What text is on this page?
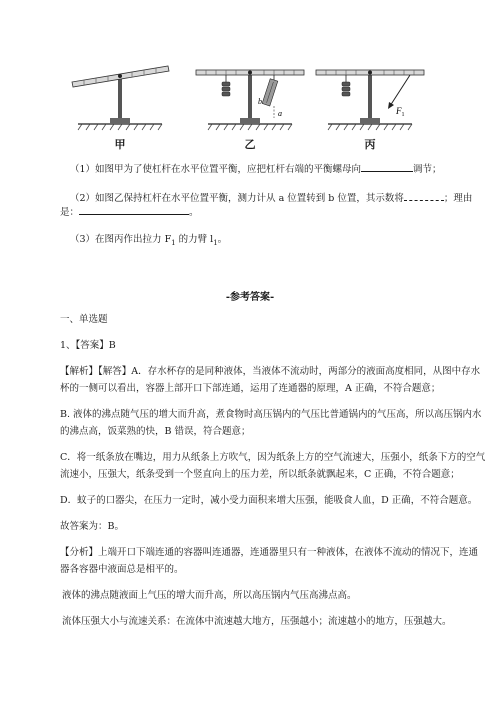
甲
a
b
乙
$F_1$
丙
（1）如图甲为了使杠杆在水平位置平衡，应把杠杆右端的平衡螺母向	调节；
（2）如图乙保持杠杆在水平位置平衡，测力计从 a 位置转到 b 位置，其示数将	；理由
是：	。
（3）在图丙作出拉力 $F_1$ 的力臂 $l_1$。
-参考答案-
一、单选题
1、【答案】B
【解析】【解答】A．存水杯存的是同种液体，当液体不流动时，两部分的液面高度相同，从图中存水
杯的一侧可以看出，容器上部开口下部连通，运用了连通器的原理，A 正确，不符合题意；
B. 液体的沸点随气压的增大而升高，煮食物时高压锅内的气压比普通锅内的气压高，所以高压锅内水
的沸点高，饭菜熟的快，B 错误，符合题意；
C．将一纸条放在嘴边，用力从纸条上方吹气，因为纸条上方的空气流速大，压强小，纸条下方的空气
流速小，压强大，纸条受到一个竖直向上的压力差，所以纸条就飘起来，C 正确，不符合题意；
D．蚊子的口器尖，在压力一定时，减小受力面积来增大压强，能吸食人血，D 正确，不符合题意。
故答案为：B。
【分析】上端开口下端连通的容器叫连通器，连通器里只有一种液体，在液体不流动的情况下，连通
器各容器中液面总是相平的。
液体的沸点随液面上气压的增大而升高，所以高压锅内气压高沸点高。
流体压强大小与流速关系：在流体中流速越大地方，压强越小；流速越小的地方，压强越大。
